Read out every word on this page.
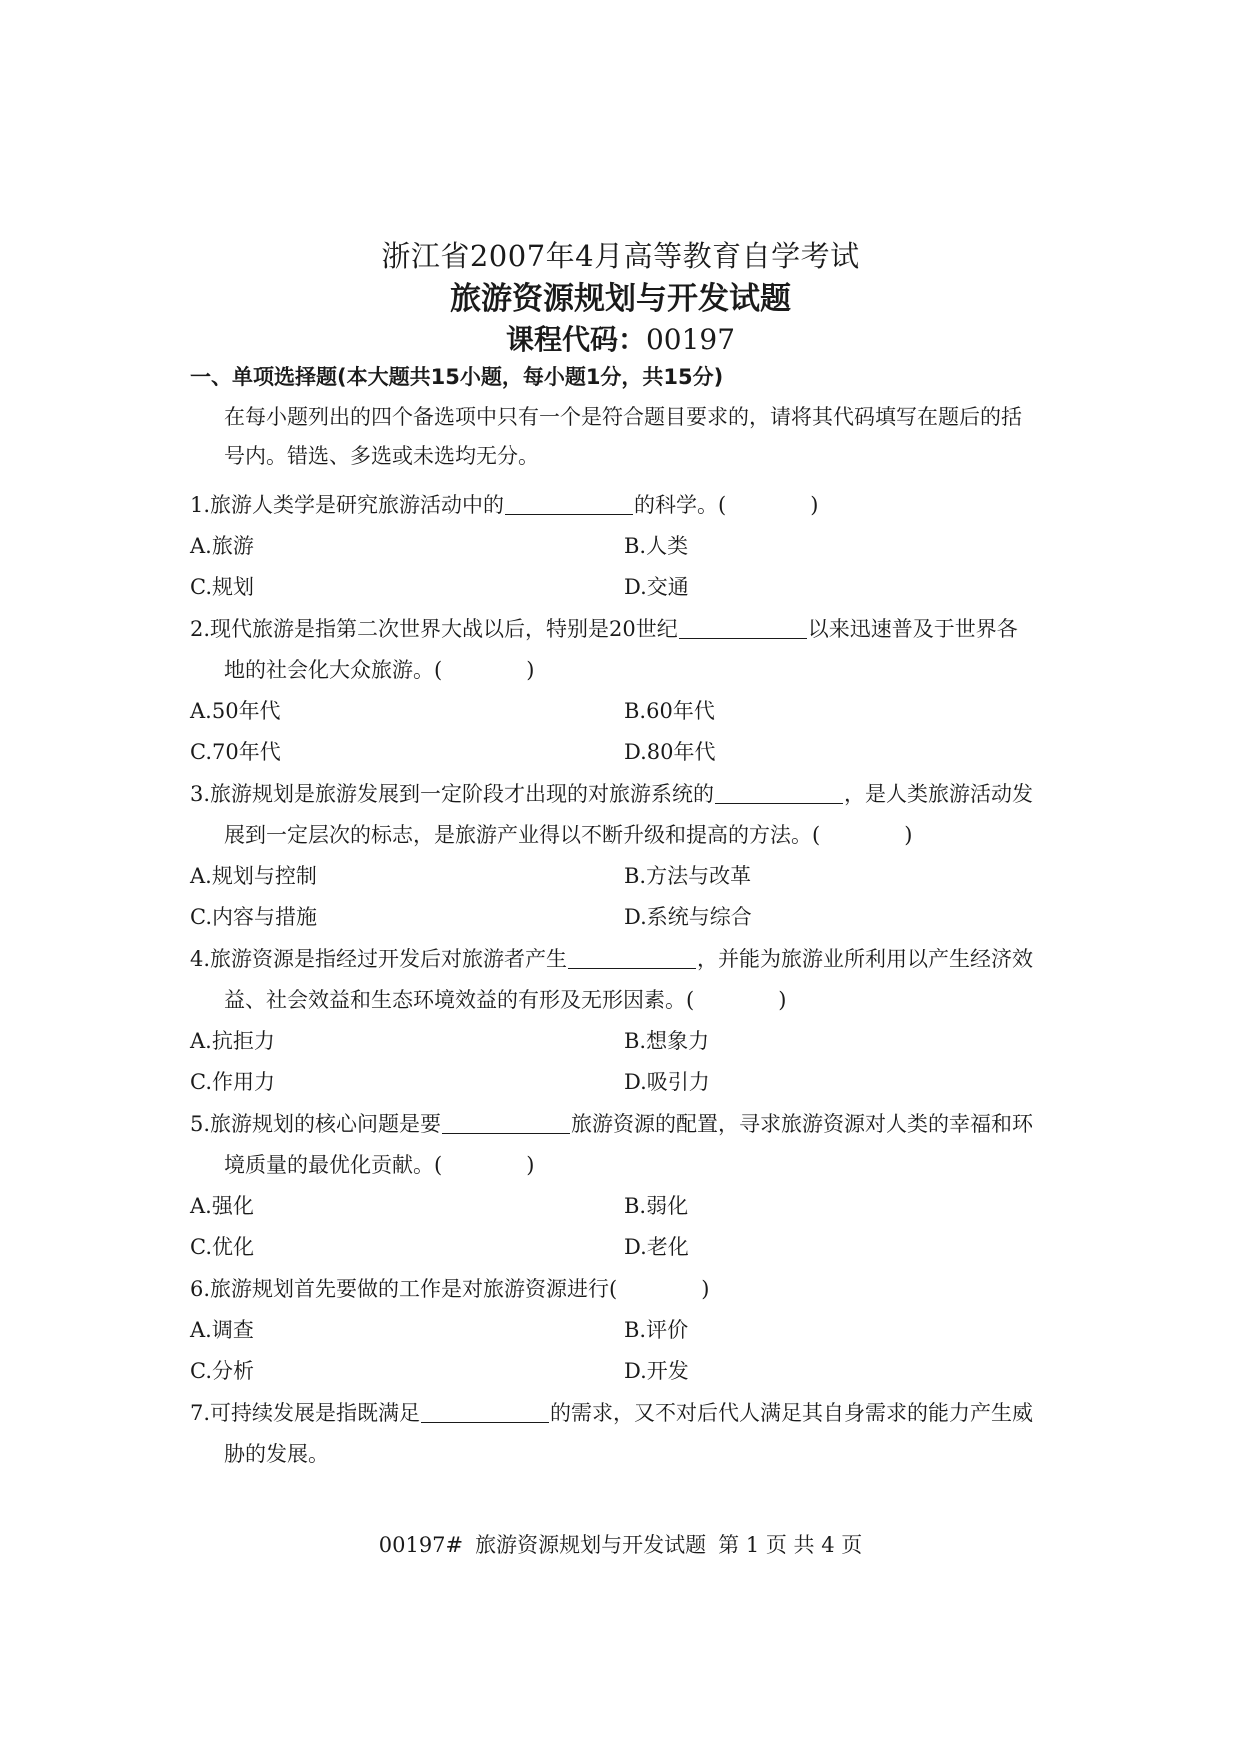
浙江省2007年4月高等教育自学考试
旅游资源规划与开发试题
课程代码：00197
一、单项选择题(本大题共15小题，每小题1分，共15分)
在每小题列出的四个备选项中只有一个是符合题目要求的，请将其代码填写在题后的括
号内。错选、多选或未选均无分。
1.旅游人类学是研究旅游活动中的	的科学。(	)
A.旅游	B.人类
C.规划	D.交通
2.现代旅游是指第二次世界大战以后，特别是20世纪	以来迅速普及于世界各
地的社会化大众旅游。(	)
A.50年代	B.60年代
C.70年代	D.80年代
3.旅游规划是旅游发展到一定阶段才出现的对旅游系统的	，是人类旅游活动发
展到一定层次的标志，是旅游产业得以不断升级和提高的方法。(	)
A.规划与控制	B.方法与改革
C.内容与措施	D.系统与综合
4.旅游资源是指经过开发后对旅游者产生	，并能为旅游业所利用以产生经济效
益、社会效益和生态环境效益的有形及无形因素。(	)
A.抗拒力	B.想象力
C.作用力	D.吸引力
5.旅游规划的核心问题是要	旅游资源的配置，寻求旅游资源对人类的幸福和环
境质量的最优化贡献。(	)
A.强化	B.弱化
C.优化	D.老化
6.旅游规划首先要做的工作是对旅游资源进行(	)
A.调查	B.评价
C.分析	D.开发
7.可持续发展是指既满足	的需求，又不对后代人满足其自身需求的能力产生威
胁的发展。
00197# 旅游资源规划与开发试题 第 1 页 共 4 页
